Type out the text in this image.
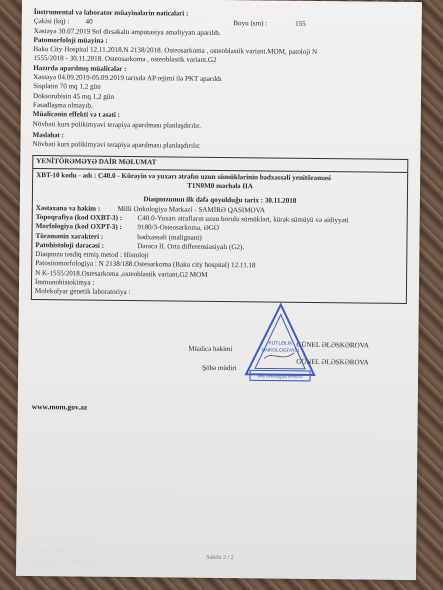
İnstrumental və laborator müayinələrin nəticələri :
Çəkisi (kq) : 40	Boyu (sm) :	155
Xəstəyə 30.07.2019 Sol dirsəkaltı amputasiya əməliyyatı aparılıb.
Patomorfoloji müayinə :
Baku City Hospital 12.11.2018.N 2138/2018. Osteosarkoma , osteoblastik variant.MOM, patoloji N
1555/2018 - 30.11.2018. Osteosarkoma , osteoblastik variant.G2
Hazırda aparılmış müalicələr :
Xəstəyə 04.09.2019-05.09.2019 tarixdə AP rejimi ilə PKT aparıldı
Sisplatin 70 mq 1,2 gün
Doksorubisin 45 mq 1,2 gün
Fəsadlaşma olmayıb.
Müalicənin effekti və t əsəti :
Növbəti kurs polikimyəvi terapiya aparılması planlaşdırılır.
Məsləhət :
Növbəti kurs polikimyəvi terapiya aparılması planlaşdırılır.
YENİTÖRƏMƏYƏ DAİR MƏLUMAT
XBT-10 kodu - adı : C40.0 - Kürəyin və yuxarı ətrafın uzun sümüklərinin bədxassəli yenitörəməsi
T1N0M0 mərhələ IIA
Diaqnozunun ilk dəfə qoyulduğu tarix : 30.11.2018
Xəstəxana və həkim : Milli Onkologiya Mərkəzi - SAMİRƏ QASIMOVA
Topoqrafiya (kod OXBT-3) : C40.0-Yuxarı ətrafların uzun borulu sümükləri, kürək sümüyü və aidiyyəti
Morfologiya (kod OXPT-3) : 9180/3-Osteosarkoma, ƏGO
Törəmənin xarakteri :	bədxassəli (malignant)
Patohistoloji dərəcəsi :	Dərəcə II. Orta differensiasiyalı (G2).
Diaqnozu təsdiq etmiş metod : Histoloji
Patositomorfologiya : N 2138/188.Ostesarkoma (Baku city hospital) 12.11.18
N K-1555/2018.Ostesarkoma ,osteoblastik variant,G2 MOM
İmmunohistokimya :
Molekulyar genetik laboratoriya :
Müalicə həkimi	GÜNEL ƏLƏSKƏROVA
Şöbə müdiri
GÜNEL ƏLƏSKƏROVA
KÜTLƏLİK
ONKOLOGİYASI
Milli Onkologiya Mərkəzi
www.mom.gov.az
Səhifə 2 / 2
REDMI NOTE 8
AI QUAD CAMERA
